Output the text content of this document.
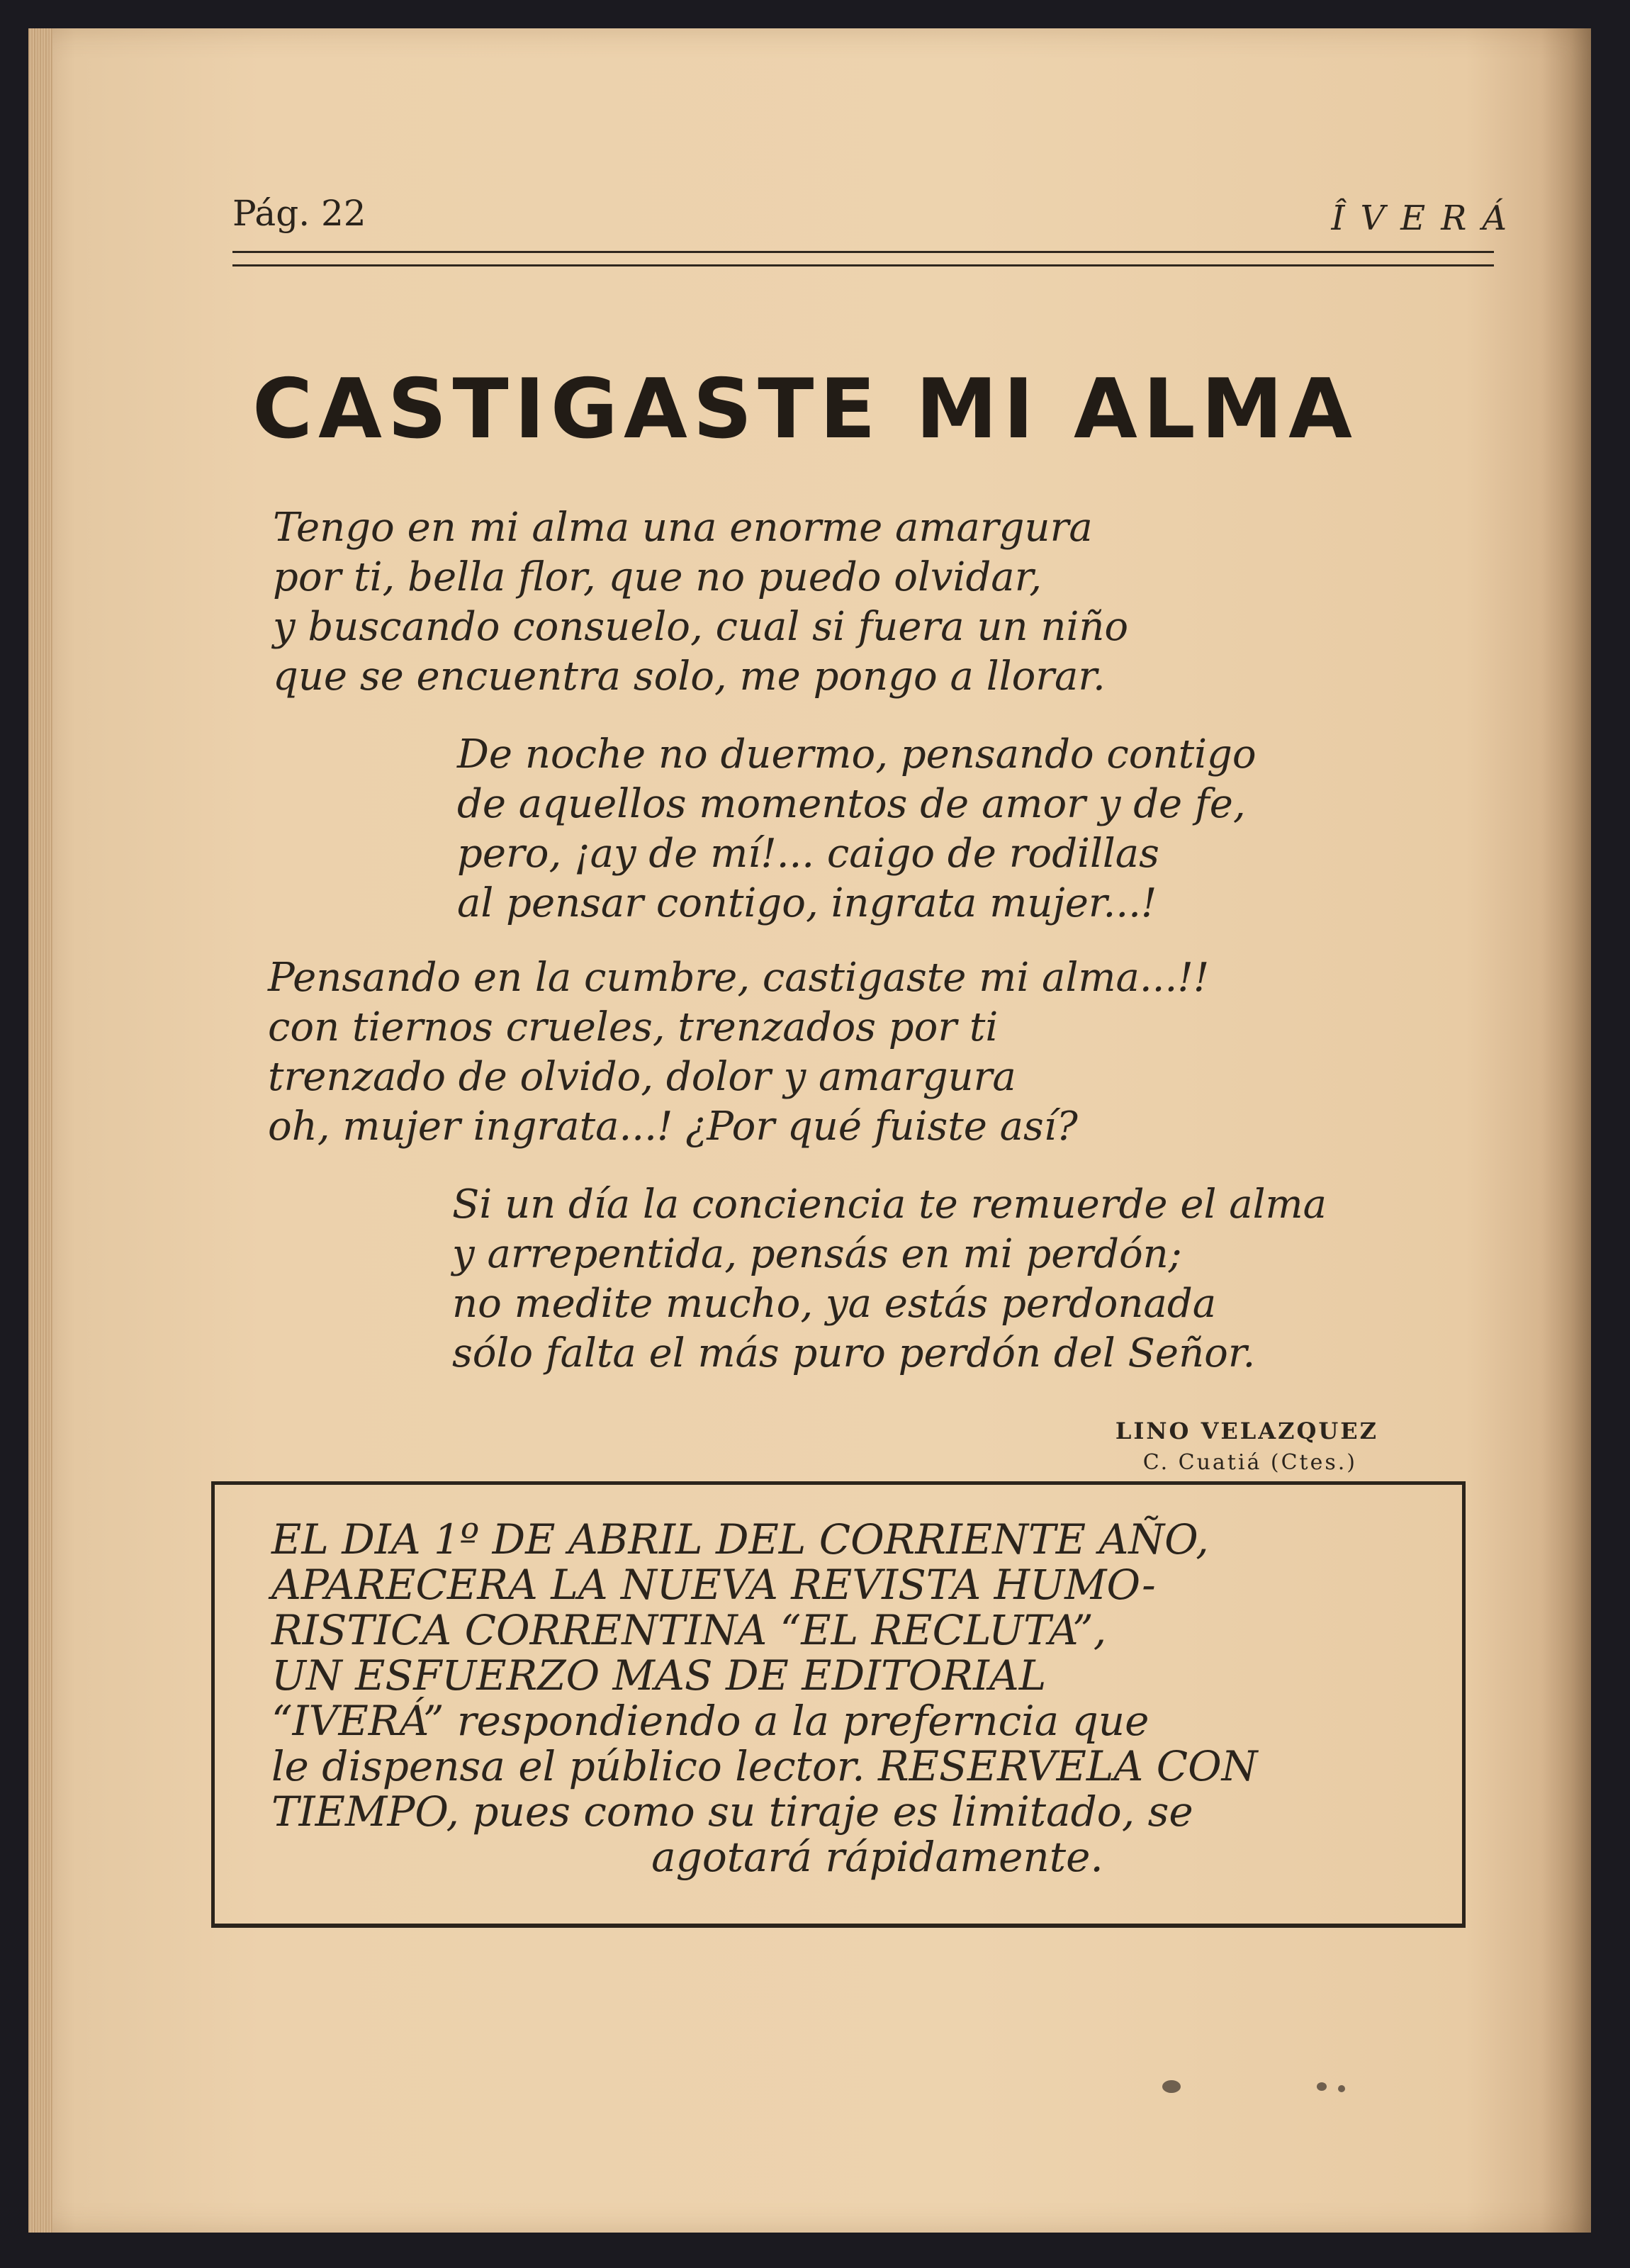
Pág. 22	ÎVERÁ
CASTIGASTE MI ALMA
Tengo en mi alma una enorme amargura
por ti, bella flor, que no puedo olvidar,
y buscando consuelo, cual si fuera un niño
que se encuentra solo, me pongo a llorar.
De noche no duermo, pensando contigo
de aquellos momentos de amor y de fe,
pero, ¡ay de mí!... caigo de rodillas
al pensar contigo, ingrata mujer...!
Pensando en la cumbre, castigaste mi alma...!!
con tiernos crueles, trenzados por ti
trenzado de olvido, dolor y amargura
oh, mujer ingrata...! ¿Por qué fuiste así?
Si un día la conciencia te remuerde el alma
y arrepentida, pensás en mi perdón;
no medite mucho, ya estás perdonada
sólo falta el más puro perdón del Señor.
LINO VELAZQUEZ
C. Cuatiá (Ctes.)
EL DIA 1º DE ABRIL DEL CORRIENTE AÑO,
APARECERA LA NUEVA REVISTA HUMO-
RISTICA CORRENTINA “EL RECLUTA”,
UN ESFUERZO MAS DE EDITORIAL
“IVERÁ” respondiendo a la preferncia que
le dispensa el público lector. RESERVELA CON
TIEMPO, pues como su tiraje es limitado, se
agotará rápidamente.
